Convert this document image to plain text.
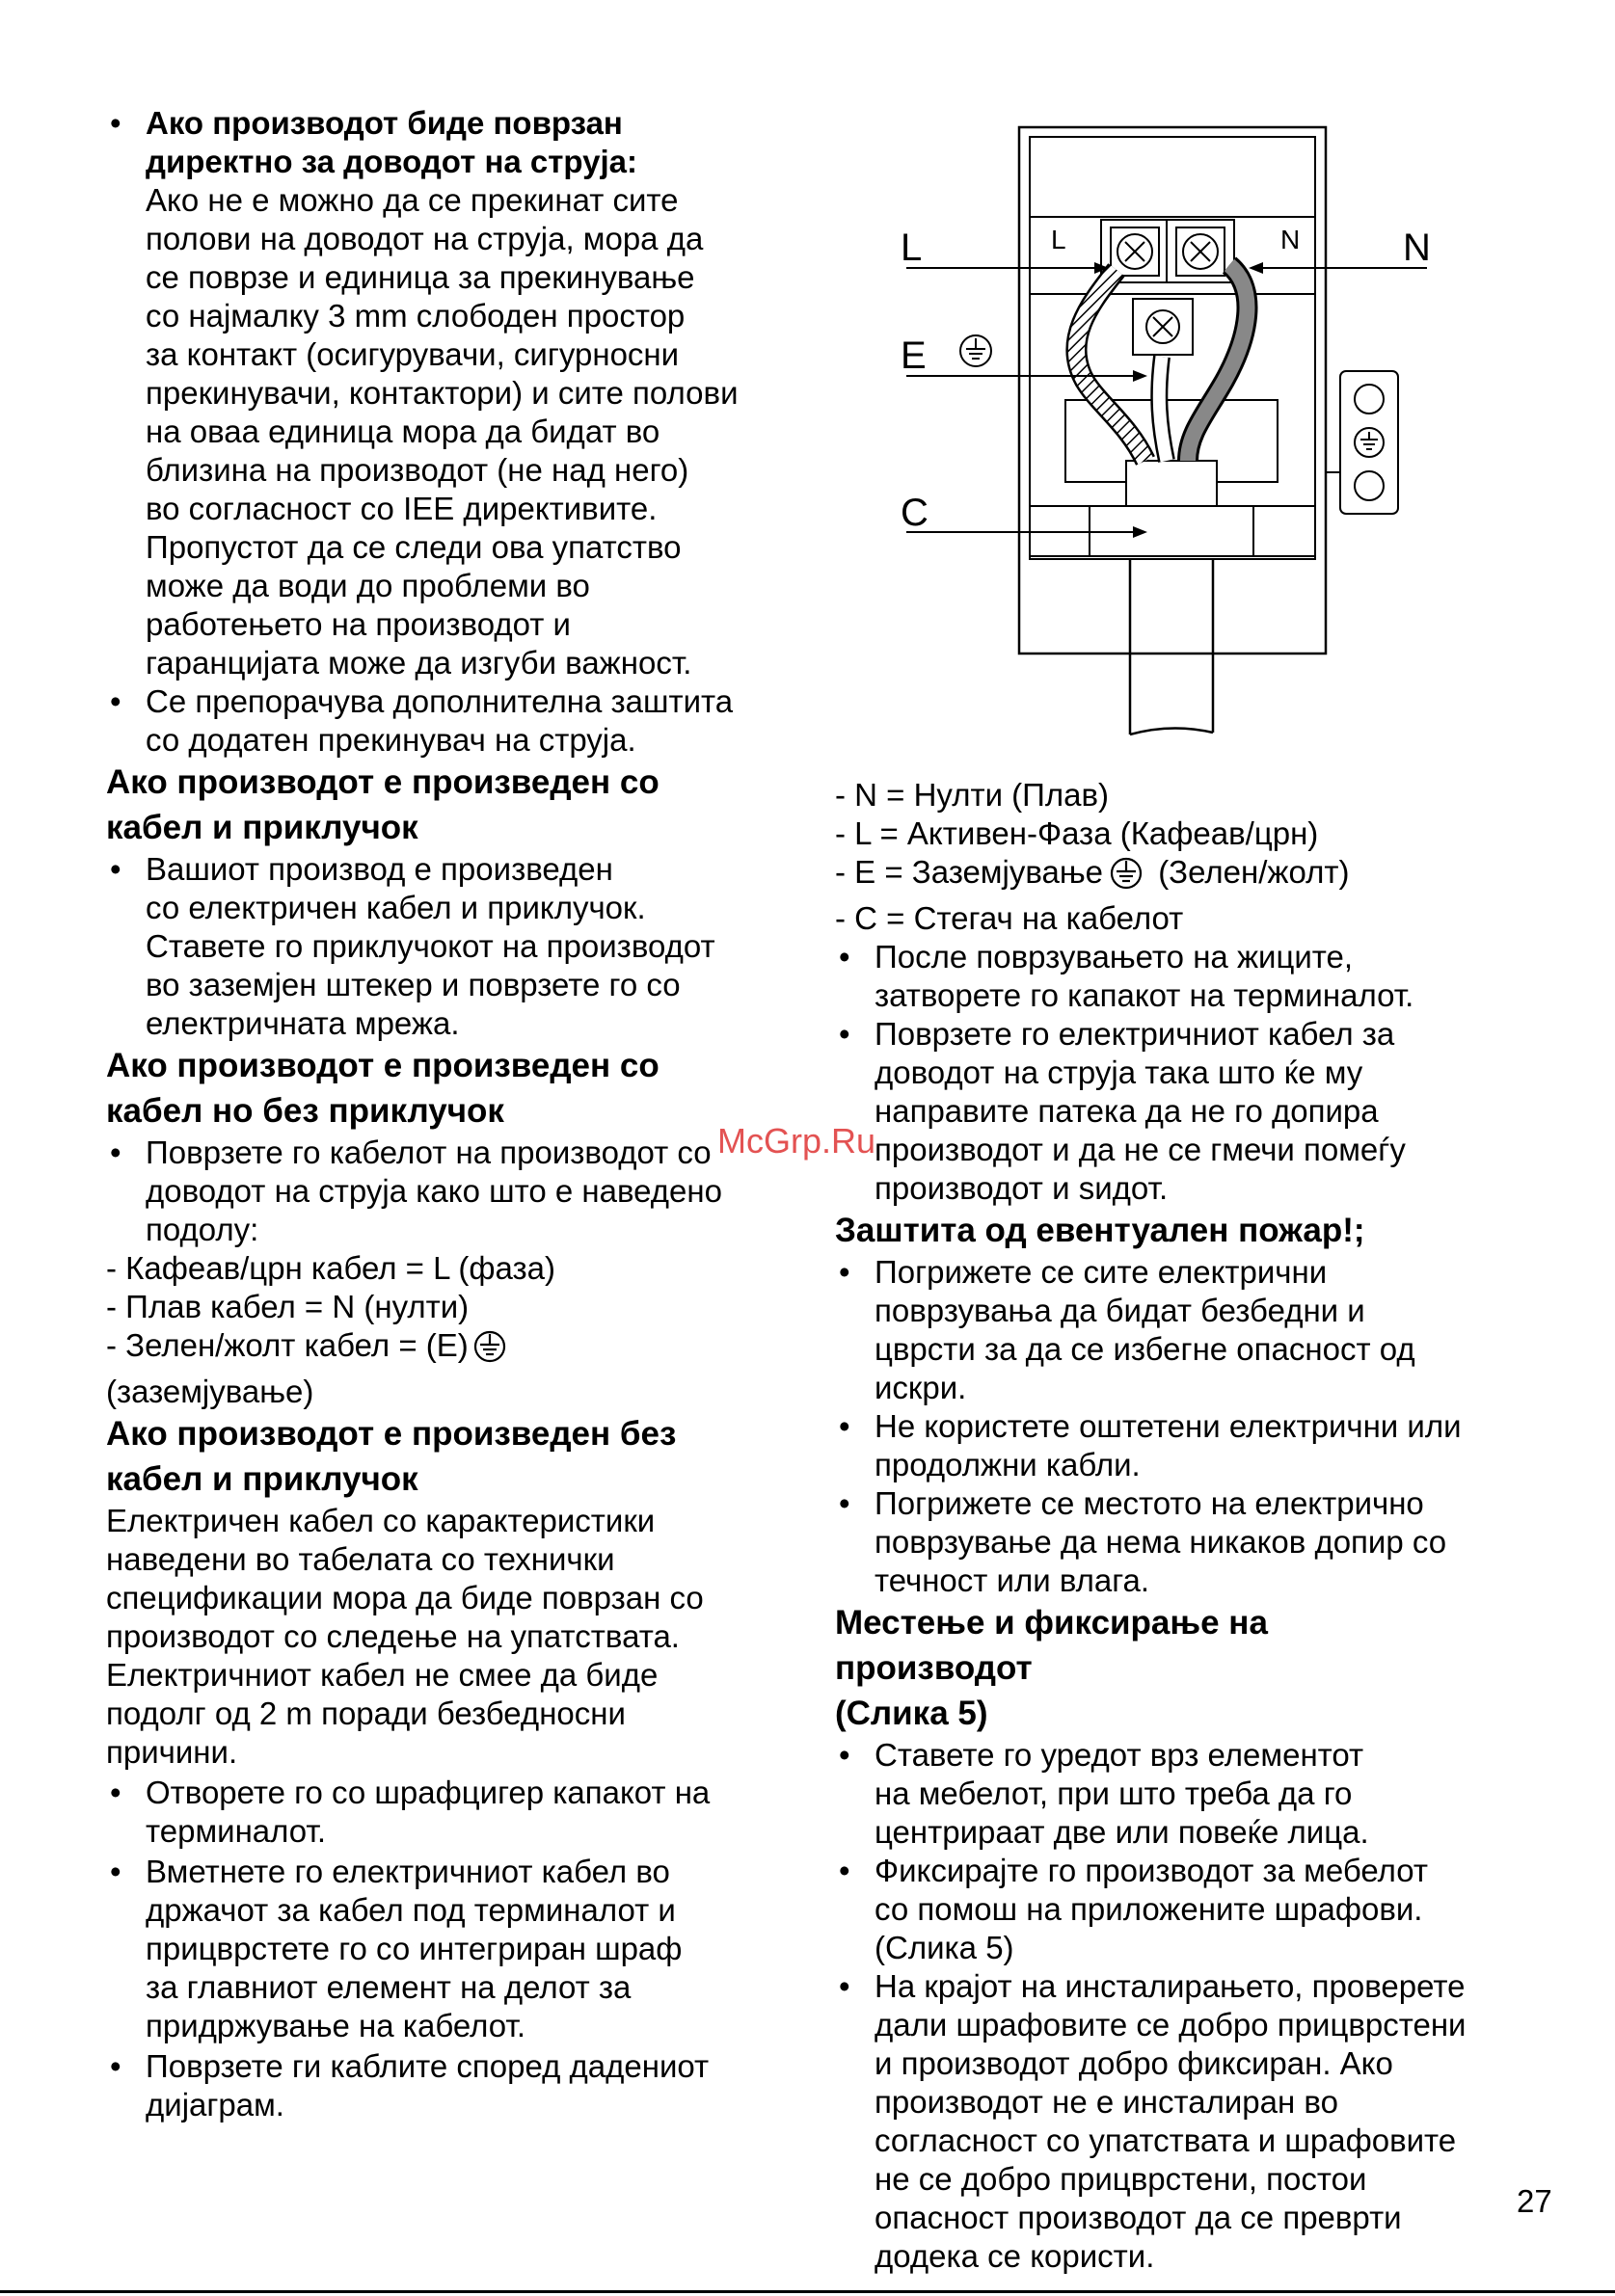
• Ако производот биде поврзан
директно за доводот на струја:
Ако не е можно да се прекинат сите
полови на доводот на струја, мора да
се поврзе и единица за прекинување
со најмалку 3 mm слободен простор
за контакт (осигурувачи, сигурносни
прекинувачи, контактори) и сите полови
на оваа единица мора да бидат во
близина на производот (не над него)
во согласност со IEE директивите.
Пропустот да се следи ова упатство
може да води до проблеми во
работењето на производот и
гаранцијата може да изгуби важност.
• Се препорачува дополнителна заштита
со додатен прекинувач на струја.
Ако производот е произведен со
кабел и приклучок
• Вашиот производ е произведен
со електричен кабел и приклучок.
Ставете го приклучокот на производот
во заземјен штекер и поврзете го со
електричната мрежа.
Ако производот е произведен со
кабел но без приклучок
• Поврзете го кабелот на производот со
доводот на струја како што е наведено
подолу:
- Кафеав/црн кабел = L (фаза)
- Плав кабел = N (нулти)
- Зелен/жолт кабел = (E)
(заземјување)
Ако производот е произведен без
кабел и приклучок
Електричен кабел со карактеристики
наведени во табелата со технички
спецификации мора да биде поврзан со
производот со следење на упатствата.
Електричниот кабел не смее да биде
подолг од 2 m поради безбедносни
причини.
• Отворете го со шрафцигер капакот на
терминалот.
• Вметнете го електричниот кабел во
држачот за кабел под терминалот и
прицврстете го со интегриран шраф
за главниот елемент на делот за
придржување на кабелот.
• Поврзете ги каблите според дадениот
дијаграм.
L	N
E
C
L	N
- N = Нулти (Плав)
- L = Активен-Фаза (Кафеав/црн)
- E = Заземјување (Зелен/жолт)
- C = Стегач на кабелот
• После поврзувањето на жиците,
затворете го капакот на терминалот.
• Поврзете го електричниот кабел за
доводот на струја така што ќе му
направите патека да не го допира
производот и да не се гмечи помеѓу
производот и ѕидот.
Заштита од евентуален пожар!;
• Погрижете се сите електрични
поврзувања да бидат безбедни и
цврсти за да се избегне опасност од
искри.
• Не користете оштетени електрични или
продолжни кабли.
• Погрижете се местото на електрично
поврзување да нема никаков допир со
течност или влага.
Местење и фиксирање на
производот
(Слика 5)
• Ставете го уредот врз елементот
на мебелот, при што треба да го
центрираат две или повеќе лица.
• Фиксирајте го производот за мебелот
со помош на приложените шрафови.
(Слика 5)
• На крајот на инсталирањето, проверете
дали шрафовите се добро прицврстени
и производот добро фиксиран. Ако
производот не е инсталиран во
согласност со упатствата и шрафовите
не се добро прицврстени, постои
опасност производот да се преврти
додека се користи.
McGrp.Ru
27
